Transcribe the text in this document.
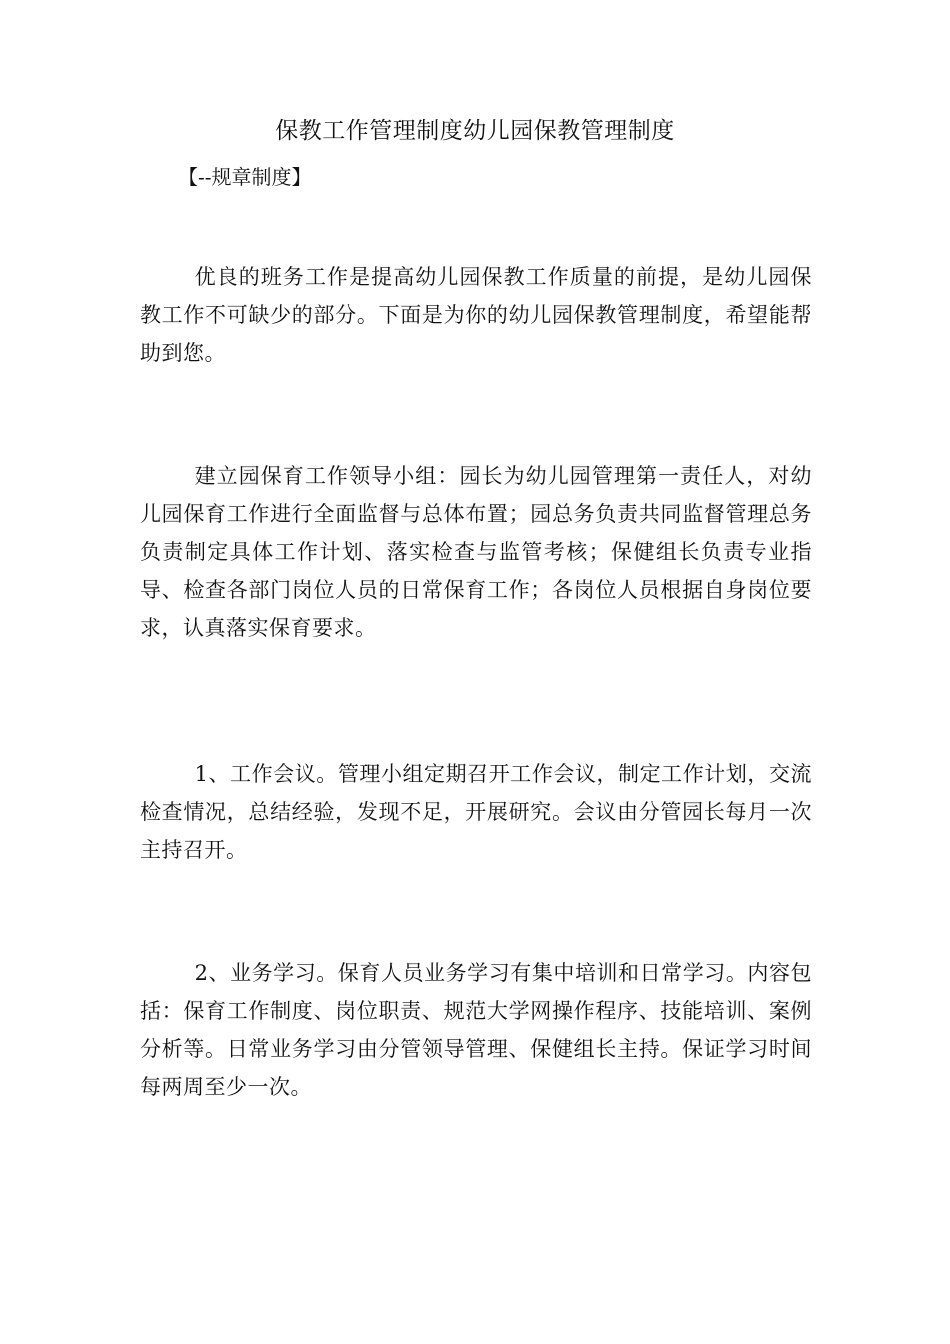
保教工作管理制度幼儿园保教管理制度

【--规章制度】

优良的班务工作是提高幼儿园保教工作质量的前提，是幼儿园保教工作不可缺少的部分。下面是为你的幼儿园保教管理制度，希望能帮助到您。

建立园保育工作领导小组：园长为幼儿园管理第一责任人，对幼儿园保育工作进行全面监督与总体布置；园总务负责共同监督管理总务负责制定具体工作计划、落实检查与监管考核；保健组长负责专业指导、检查各部门岗位人员的日常保育工作；各岗位人员根据自身岗位要求，认真落实保育要求。

1、工作会议。管理小组定期召开工作会议，制定工作计划，交流检查情况，总结经验，发现不足，开展研究。会议由分管园长每月一次主持召开。

2、业务学习。保育人员业务学习有集中培训和日常学习。内容包括：保育工作制度、岗位职责、规范大学网操作程序、技能培训、案例分析等。日常业务学习由分管领导管理、保健组长主持。保证学习时间每两周至少一次。
